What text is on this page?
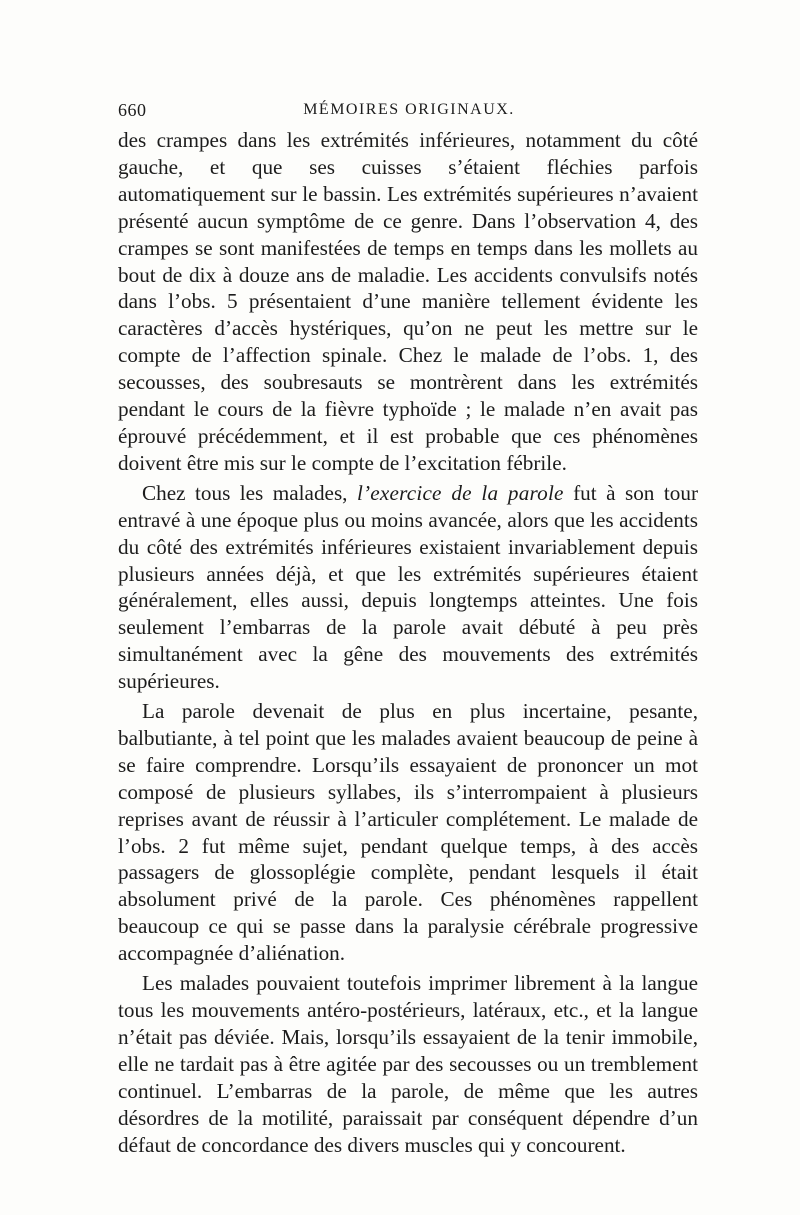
660	MÉMOIRES ORIGINAUX.

des crampes dans les extrémités inférieures, notamment du côté gauche, et que ses cuisses s’étaient fléchies parfois automatiquement sur le bassin. Les extrémités supérieures n’avaient présenté aucun symptôme de ce genre. Dans l’observation 4, des crampes se sont manifestées de temps en temps dans les mollets au bout de dix à douze ans de maladie. Les accidents convulsifs notés dans l’obs. 5 présentaient d’une manière tellement évidente les caractères d’accès hystériques, qu’on ne peut les mettre sur le compte de l’affection spinale. Chez le malade de l’obs. 1, des secousses, des soubresauts se montrèrent dans les extrémités pendant le cours de la fièvre typhoïde ; le malade n’en avait pas éprouvé précédemment, et il est probable que ces phénomènes doivent être mis sur le compte de l’excitation fébrile.

Chez tous les malades, l’exercice de la parole fut à son tour entravé à une époque plus ou moins avancée, alors que les accidents du côté des extrémités inférieures existaient invariablement depuis plusieurs années déjà, et que les extrémités supérieures étaient généralement, elles aussi, depuis longtemps atteintes. Une fois seulement l’embarras de la parole avait débuté à peu près simultanément avec la gêne des mouvements des extrémités supérieures.

La parole devenait de plus en plus incertaine, pesante, balbutiante, à tel point que les malades avaient beaucoup de peine à se faire comprendre. Lorsqu’ils essayaient de prononcer un mot composé de plusieurs syllabes, ils s’interrompaient à plusieurs reprises avant de réussir à l’articuler complétement. Le malade de l’obs. 2 fut même sujet, pendant quelque temps, à des accès passagers de glossoplégie complète, pendant lesquels il était absolument privé de la parole. Ces phénomènes rappellent beaucoup ce qui se passe dans la paralysie cérébrale progressive accompagnée d’aliénation.

Les malades pouvaient toutefois imprimer librement à la langue tous les mouvements antéro-postérieurs, latéraux, etc., et la langue n’était pas déviée. Mais, lorsqu’ils essayaient de la tenir immobile, elle ne tardait pas à être agitée par des secousses ou un tremblement continuel. L’embarras de la parole, de même que les autres désordres de la motilité, paraissait par conséquent dépendre d’un défaut de concordance des divers muscles qui y concourent.
